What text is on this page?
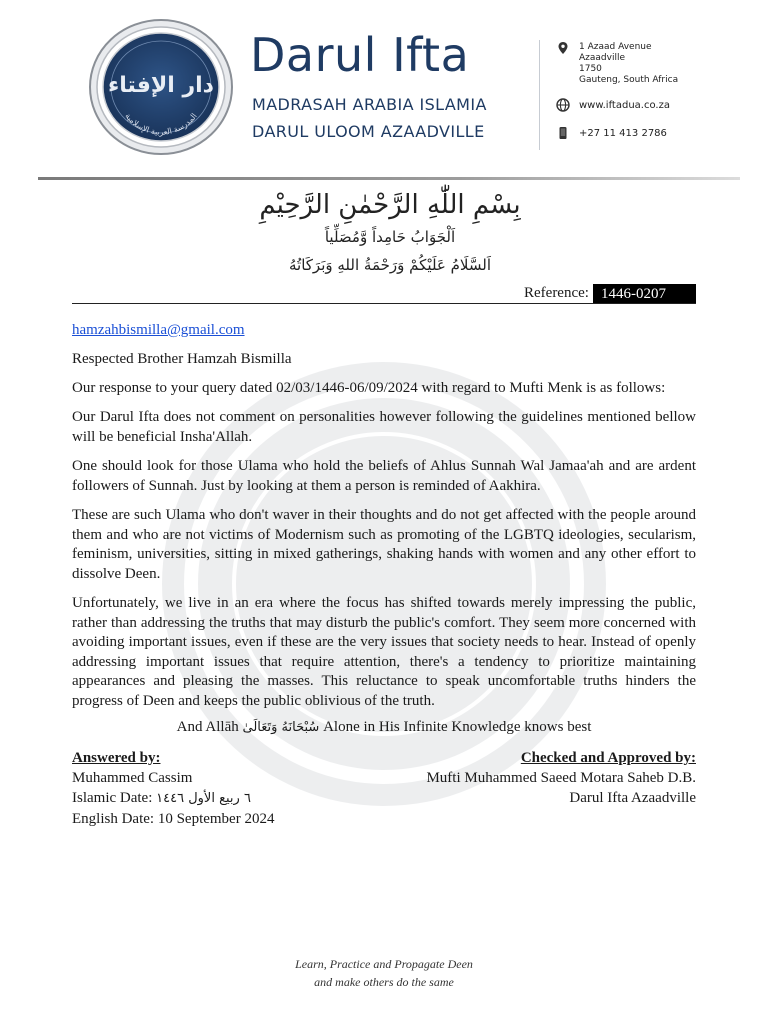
دار الإفتاء
المدرسة العربية الإسلامية
Darul Ifta
MADRASAH ARABIA ISLAMIA
DARUL ULOOM AZAADVILLE
1 Azaad Avenue
Azaadville
1750
Gauteng, South Africa
www.iftadua.co.za
+27 11 413 2786
بِسْمِ اللّٰهِ الرَّحْمٰنِ الرَّحِيْمِ
اَلْجَوَابُ حَامِداً وَّمُصَلِّياً
اَلسَّلَامُ عَلَيْكُمْ وَرَحْمَةُ اللهِ وَبَرَكَاتُهُ
Reference: 1446-0207
hamzahbismilla@gmail.com
Respected Brother Hamzah Bismilla
Our response to your query dated 02/03/1446-06/09/2024 with regard to Mufti Menk is as follows:
Our Darul Ifta does not comment on personalities however following the guidelines mentioned bellow will be beneficial Insha'Allah.
One should look for those Ulama who hold the beliefs of Ahlus Sunnah Wal Jamaa'ah and are ardent followers of Sunnah. Just by looking at them a person is reminded of Aakhira.
These are such Ulama who don't waver in their thoughts and do not get affected with the people around them and who are not victims of Modernism such as promoting of the LGBTQ ideologies, secularism, feminism, universities, sitting in mixed gatherings, shaking hands with women and any other effort to dissolve Deen.
Unfortunately, we live in an era where the focus has shifted towards merely impressing the public, rather than addressing the truths that may disturb the public's comfort. They seem more concerned with avoiding important issues, even if these are the very issues that society needs to hear. Instead of openly addressing important issues that require attention, there's a tendency to prioritize maintaining appearances and pleasing the masses. This reluctance to speak uncomfortable truths hinders the progress of Deen and keeps the public oblivious of the truth.
And Allāh سُبْحَانَهُ وَتَعَالَىٰ Alone in His Infinite Knowledge knows best
Answered by:
Muhammed Cassim
Islamic Date: ٦ ربيع الأول ١٤٤٦
English Date: 10 September 2024
Checked and Approved by:
Mufti Muhammed Saeed Motara Saheb D.B.
Darul Ifta Azaadville
Learn, Practice and Propagate Deen
and make others do the same
